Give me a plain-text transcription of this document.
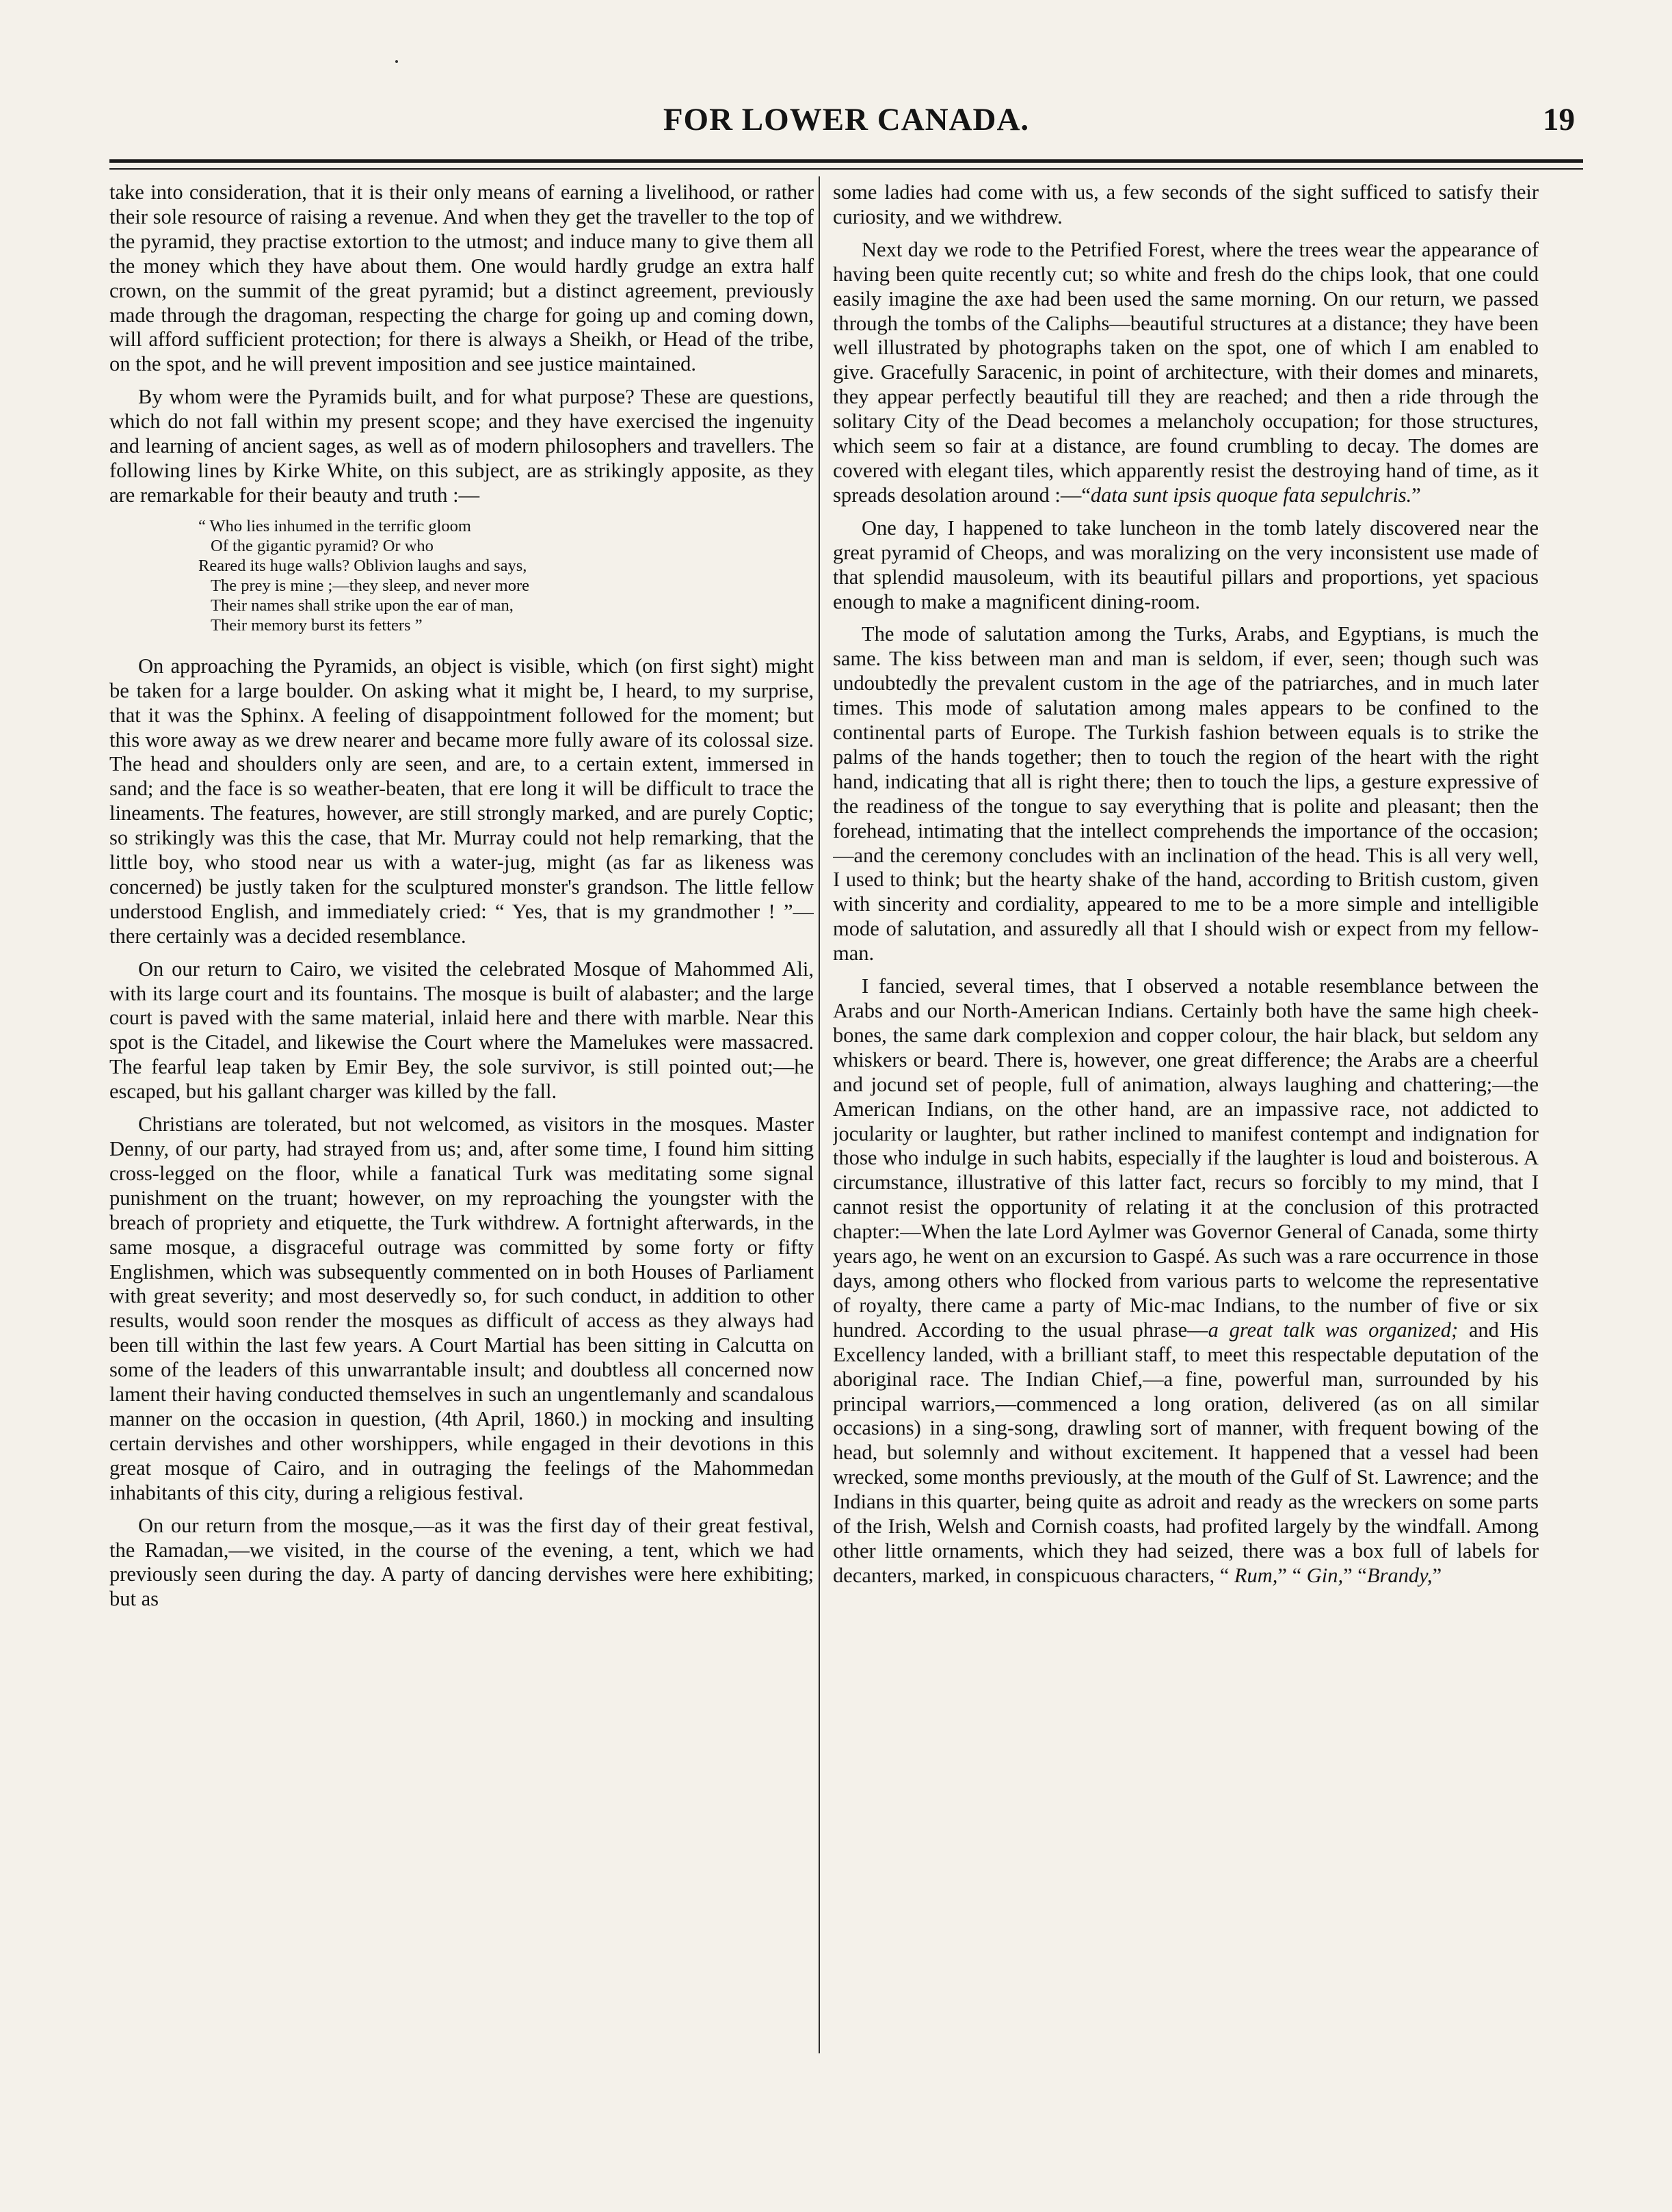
FOR LOWER CANADA.	19

take into consideration, that it is their only means of earning a livelihood, or rather their sole resource of raising a revenue. And when they get the traveller to the top of the pyramid, they practise extortion to the utmost; and induce many to give them all the money which they have about them. One would hardly grudge an extra half crown, on the summit of the great pyramid; but a distinct agreement, previously made through the dragoman, respecting the charge for going up and coming down, will afford sufficient protection; for there is always a Sheikh, or Head of the tribe, on the spot, and he will prevent imposition and see justice maintained.

By whom were the Pyramids built, and for what purpose? These are questions, which do not fall within my present scope; and they have exercised the ingenuity and learning of ancient sages, as well as of modern philosophers and travellers. The following lines by Kirke White, on this subject, are as strikingly apposite, as they are remarkable for their beauty and truth :—

“ Who lies inhumed in the terrific gloom
Of the gigantic pyramid? Or who
Reared its huge walls? Oblivion laughs and says,
The prey is mine ;—they sleep, and never more
Their names shall strike upon the ear of man,
Their memory burst its fetters ”

On approaching the Pyramids, an object is visible, which (on first sight) might be taken for a large boulder. On asking what it might be, I heard, to my surprise, that it was the Sphinx. A feeling of disappointment followed for the moment; but this wore away as we drew nearer and became more fully aware of its colossal size. The head and shoulders only are seen, and are, to a certain extent, immersed in sand; and the face is so weather-beaten, that ere long it will be difficult to trace the lineaments. The features, however, are still strongly marked, and are purely Coptic; so strikingly was this the case, that Mr. Murray could not help remarking, that the little boy, who stood near us with a water-jug, might (as far as likeness was concerned) be justly taken for the sculptured monster's grandson. The little fellow understood English, and immediately cried: “ Yes, that is my grandmother ! ”—there certainly was a decided resemblance.

On our return to Cairo, we visited the celebrated Mosque of Mahommed Ali, with its large court and its fountains. The mosque is built of alabaster; and the large court is paved with the same material, inlaid here and there with marble. Near this spot is the Citadel, and likewise the Court where the Mamelukes were massacred. The fearful leap taken by Emir Bey, the sole survivor, is still pointed out;—he escaped, but his gallant charger was killed by the fall.

Christians are tolerated, but not welcomed, as visitors in the mosques. Master Denny, of our party, had strayed from us; and, after some time, I found him sitting cross-legged on the floor, while a fanatical Turk was meditating some signal punishment on the truant; however, on my reproaching the youngster with the breach of propriety and etiquette, the Turk withdrew. A fortnight afterwards, in the same mosque, a disgraceful outrage was committed by some forty or fifty Englishmen, which was subsequently commented on in both Houses of Parliament with great severity; and most deservedly so, for such conduct, in addition to other results, would soon render the mosques as difficult of access as they always had been till within the last few years. A Court Martial has been sitting in Calcutta on some of the leaders of this unwarrantable insult; and doubtless all concerned now lament their having conducted themselves in such an ungentlemanly and scandalous manner on the occasion in question, (4th April, 1860.) in mocking and insulting certain dervishes and other worshippers, while engaged in their devotions in this great mosque of Cairo, and in outraging the feelings of the Mahommedan inhabitants of this city, during a religious festival.

On our return from the mosque,—as it was the first day of their great festival, the Ramadan,—we visited, in the course of the evening, a tent, which we had previously seen during the day. A party of dancing dervishes were here exhibiting; but as

some ladies had come with us, a few seconds of the sight sufficed to satisfy their curiosity, and we withdrew.

Next day we rode to the Petrified Forest, where the trees wear the appearance of having been quite recently cut; so white and fresh do the chips look, that one could easily imagine the axe had been used the same morning. On our return, we passed through the tombs of the Caliphs—beautiful structures at a distance; they have been well illustrated by photographs taken on the spot, one of which I am enabled to give. Gracefully Saracenic, in point of architecture, with their domes and minarets, they appear perfectly beautiful till they are reached; and then a ride through the solitary City of the Dead becomes a melancholy occupation; for those structures, which seem so fair at a distance, are found crumbling to decay. The domes are covered with elegant tiles, which apparently resist the destroying hand of time, as it spreads desolation around :—“data sunt ipsis quoque fata sepulchris.”

One day, I happened to take luncheon in the tomb lately discovered near the great pyramid of Cheops, and was moralizing on the very inconsistent use made of that splendid mausoleum, with its beautiful pillars and proportions, yet spacious enough to make a magnificent dining-room.

The mode of salutation among the Turks, Arabs, and Egyptians, is much the same. The kiss between man and man is seldom, if ever, seen; though such was undoubtedly the prevalent custom in the age of the patriarches, and in much later times. This mode of salutation among males appears to be confined to the continental parts of Europe. The Turkish fashion between equals is to strike the palms of the hands together; then to touch the region of the heart with the right hand, indicating that all is right there; then to touch the lips, a gesture expressive of the readiness of the tongue to say everything that is polite and pleasant; then the forehead, intimating that the intellect comprehends the importance of the occasion;—and the ceremony concludes with an inclination of the head. This is all very well, I used to think; but the hearty shake of the hand, according to British custom, given with sincerity and cordiality, appeared to me to be a more simple and intelligible mode of salutation, and assuredly all that I should wish or expect from my fellow-man.

I fancied, several times, that I observed a notable resemblance between the Arabs and our North-American Indians. Certainly both have the same high cheek-bones, the same dark complexion and copper colour, the hair black, but seldom any whiskers or beard. There is, however, one great difference; the Arabs are a cheerful and jocund set of people, full of animation, always laughing and chattering;—the American Indians, on the other hand, are an impassive race, not addicted to jocularity or laughter, but rather inclined to manifest contempt and indignation for those who indulge in such habits, especially if the laughter is loud and boisterous. A circumstance, illustrative of this latter fact, recurs so forcibly to my mind, that I cannot resist the opportunity of relating it at the conclusion of this protracted chapter:—When the late Lord Aylmer was Governor General of Canada, some thirty years ago, he went on an excursion to Gaspé. As such was a rare occurrence in those days, among others who flocked from various parts to welcome the representative of royalty, there came a party of Mic-mac Indians, to the number of five or six hundred. According to the usual phrase—a great talk was organized; and His Excellency landed, with a brilliant staff, to meet this respectable deputation of the aboriginal race. The Indian Chief,—a fine, powerful man, surrounded by his principal warriors,—commenced a long oration, delivered (as on all similar occasions) in a sing-song, drawling sort of manner, with frequent bowing of the head, but solemnly and without excitement. It happened that a vessel had been wrecked, some months previously, at the mouth of the Gulf of St. Lawrence; and the Indians in this quarter, being quite as adroit and ready as the wreckers on some parts of the Irish, Welsh and Cornish coasts, had profited largely by the windfall. Among other little ornaments, which they had seized, there was a box full of labels for decanters, marked, in conspicuous characters, “ Rum,” “ Gin,” “Brandy,”
